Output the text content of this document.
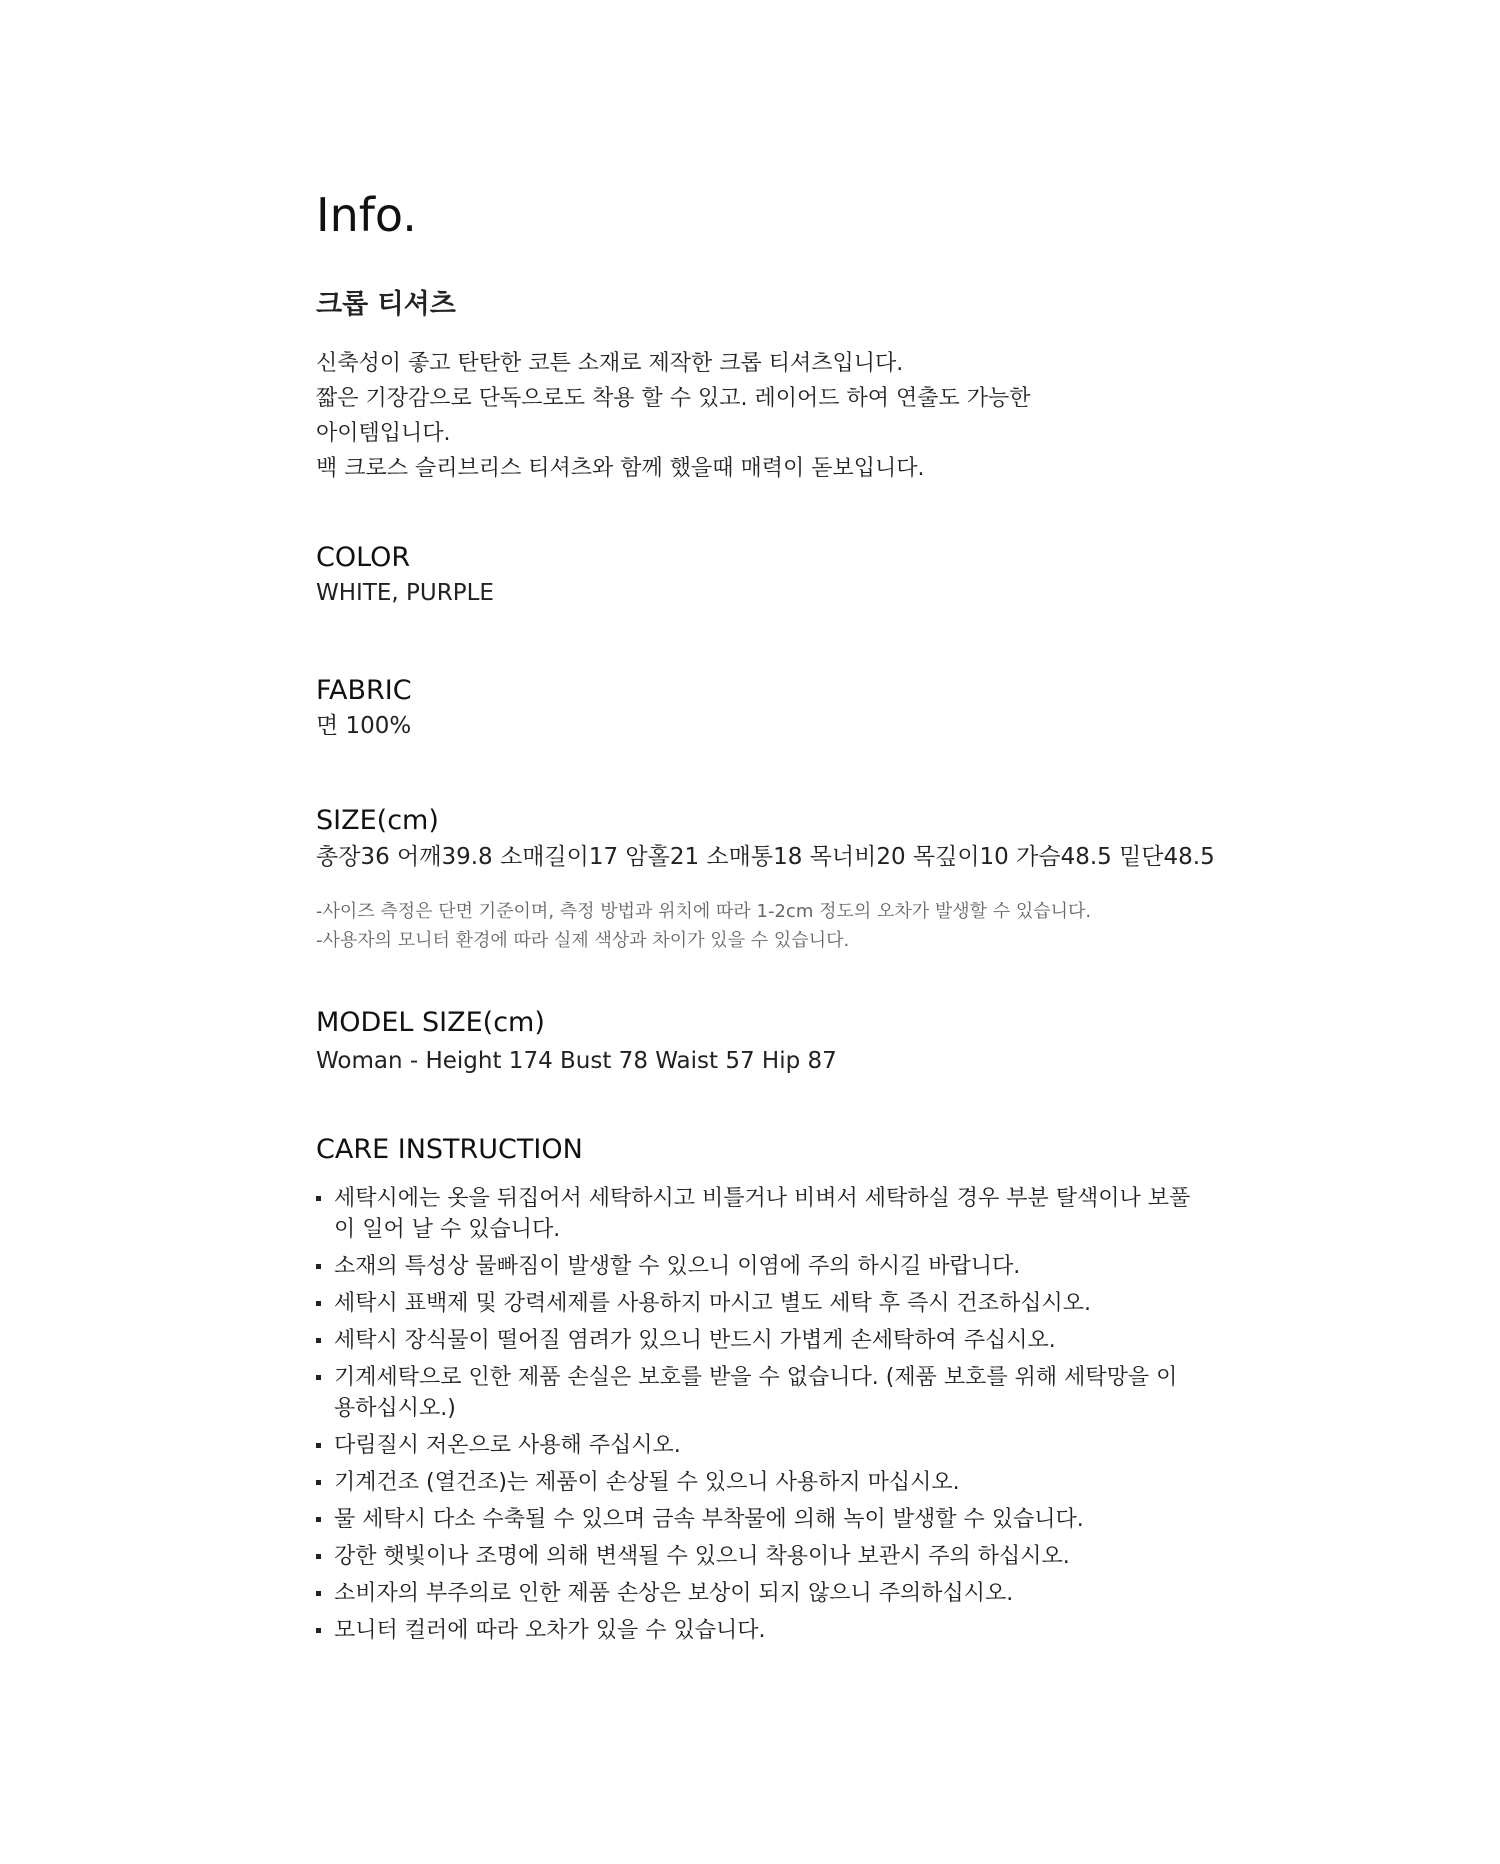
Info.
크롭 티셔츠
신축성이 좋고 탄탄한 코튼 소재로 제작한 크롭 티셔츠입니다.
짧은 기장감으로 단독으로도 착용 할 수 있고. 레이어드 하여 연출도 가능한
아이템입니다.
백 크로스 슬리브리스 티셔츠와 함께 했을때 매력이 돋보입니다.
COLOR
WHITE, PURPLE
FABRIC
면 100%
SIZE(cm)
총장36 어깨39.8 소매길이17 암홀21 소매통18 목너비20 목깊이10 가슴48.5 밑단48.5
-사이즈 측정은 단면 기준이며, 측정 방법과 위치에 따라 1-2cm 정도의 오차가 발생할 수 있습니다.
-사용자의 모니터 환경에 따라 실제 색상과 차이가 있을 수 있습니다.
MODEL SIZE(cm)
Woman - Height 174 Bust 78 Waist 57 Hip 87
CARE INSTRUCTION
세탁시에는 옷을 뒤집어서 세탁하시고 비틀거나 비벼서 세탁하실 경우 부분 탈색이나 보풀이 일어 날 수 있습니다.
소재의 특성상 물빠짐이 발생할 수 있으니 이염에 주의 하시길 바랍니다.
세탁시 표백제 및 강력세제를 사용하지 마시고 별도 세탁 후 즉시 건조하십시오.
세탁시 장식물이 떨어질 염려가 있으니 반드시 가볍게 손세탁하여 주십시오.
기계세탁으로 인한 제품 손실은 보호를 받을 수 없습니다. (제품 보호를 위해 세탁망을 이용하십시오.)
다림질시 저온으로 사용해 주십시오.
기계건조 (열건조)는 제품이 손상될 수 있으니 사용하지 마십시오.
물 세탁시 다소 수축될 수 있으며 금속 부착물에 의해 녹이 발생할 수 있습니다.
강한 햇빛이나 조명에 의해 변색될 수 있으니 착용이나 보관시 주의 하십시오.
소비자의 부주의로 인한 제품 손상은 보상이 되지 않으니 주의하십시오.
모니터 컬러에 따라 오차가 있을 수 있습니다.
